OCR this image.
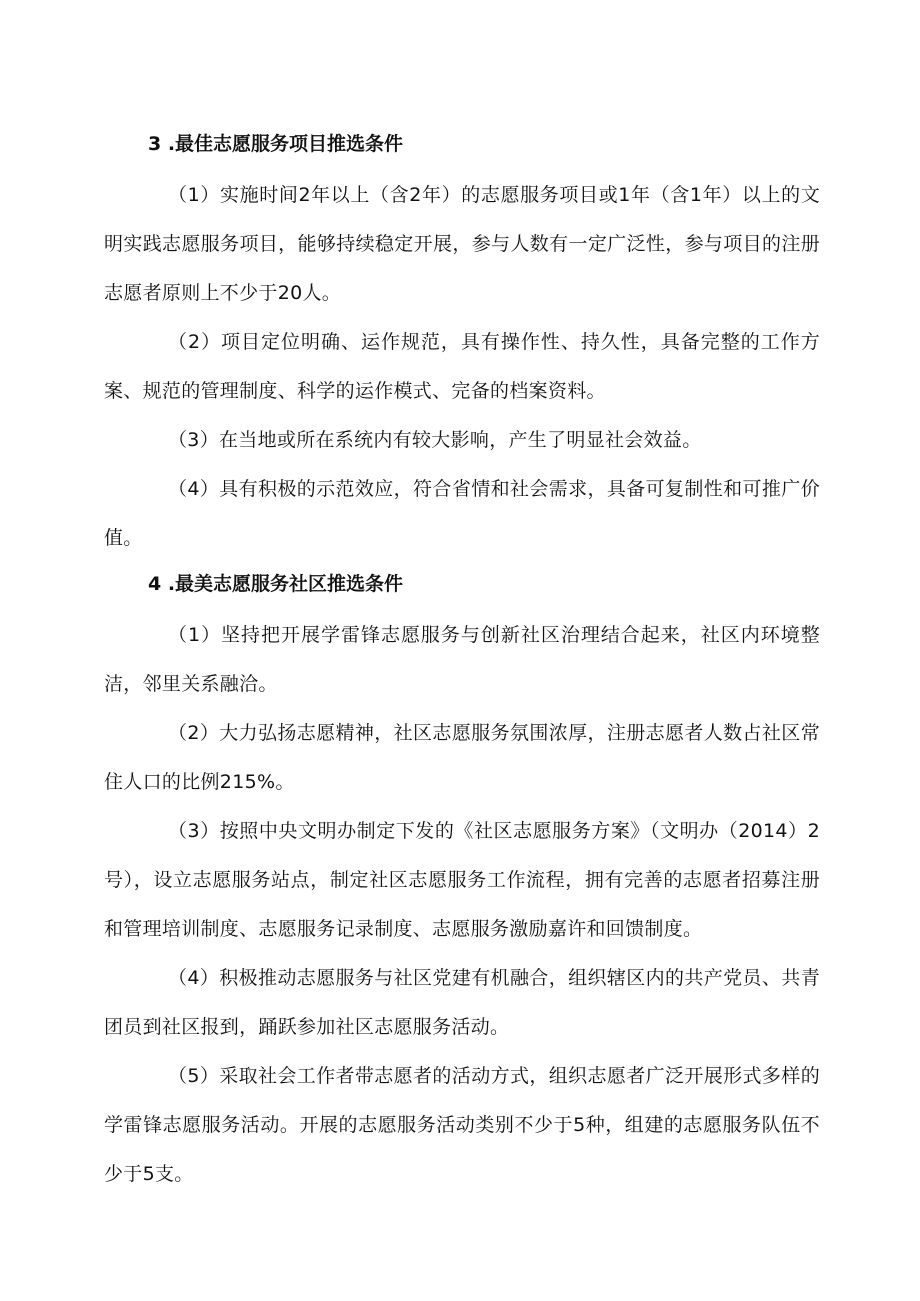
3 .最佳志愿服务项目推选条件
（1）实施时间2年以上（含2年）的志愿服务项目或1年（含1年）以上的文明实践志愿服务项目，能够持续稳定开展，参与人数有一定广泛性，参与项目的注册志愿者原则上不少于20人。
（2）项目定位明确、运作规范，具有操作性、持久性，具备完整的工作方案、规范的管理制度、科学的运作模式、完备的档案资料。
（3）在当地或所在系统内有较大影响，产生了明显社会效益。
（4）具有积极的示范效应，符合省情和社会需求，具备可复制性和可推广价值。
4 .最美志愿服务社区推选条件
（1）坚持把开展学雷锋志愿服务与创新社区治理结合起来，社区内环境整洁，邻里关系融洽。
（2）大力弘扬志愿精神，社区志愿服务氛围浓厚，注册志愿者人数占社区常住人口的比例215%。
（3）按照中央文明办制定下发的《社区志愿服务方案》（文明办（2014）2号），设立志愿服务站点，制定社区志愿服务工作流程，拥有完善的志愿者招募注册和管理培训制度、志愿服务记录制度、志愿服务激励嘉许和回馈制度。
（4）积极推动志愿服务与社区党建有机融合，组织辖区内的共产党员、共青团员到社区报到，踊跃参加社区志愿服务活动。
（5）采取社会工作者带志愿者的活动方式，组织志愿者广泛开展形式多样的学雷锋志愿服务活动。开展的志愿服务活动类别不少于5种，组建的志愿服务队伍不少于5支。
